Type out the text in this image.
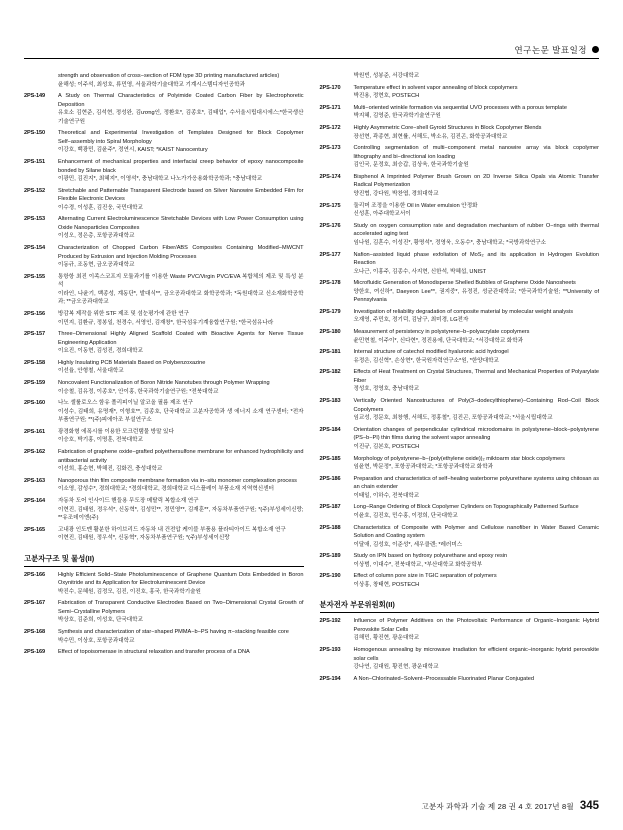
연구논문 발표일정
strength and observation of cross−section of FDM type 3D printing manufactured articles)
윤해성; 이주석, 최성호, 류민영, 서울과학기술대학교 기계시스템디자인공학과
2PS-149	A Study on Thermal Characteristics of Polyimide Coated Carbon Fiber by Electrophoretic Deposition
유호소 김현준, 김석현, 정성완, 김ương인, 정환호*, 김종호*, 김태업*, 수서울시립대시에스;*한국생산기술연구원
2PS-150	Theoretical and Experimental Investigation of Templates Designed for Block Copolymer Self−assembly into Spiral Morphology
이강호, 백광민, 김윤주*, 정연시, KAIST; *KAIST Nanocentury
2PS-151	Enhancement of mechanical properties and interfacial creep behavior of epoxy nanocomposite bonded by Silane black
이광민, 김진지*, 최혜지*, 이영석*, 충남대학교 나노가가응용화학공학과; *충남대학교
2PS-152	Stretchable and Patternable Transparent Electrode based on Silver Nanowire Embedded Film for Flexible Electronic Devices
이수경, 이성훈, 김진웅, 국민대학교
2PS-153	Alternating Current Electroluminescence Stretchable Devices with Low Power Consumption using Oxide Nanoparticles Composites
이성오, 정은총, 포항공과대학교
2PS-154	Characterization of Chopped Carbon Fiber/ABS Composites Containing Modified−MWCNT Produced by Extrusion and Injection Molding Processes
이동규, 조동현, 금오공과대학교
2PS-155	통항항 최진 이족스코프지 모듈과기를 이용한 Waste PVC/Virgin PVC/EVA 복합체의 제조 및 특성 분석
이라인, 나윤기, 백종성, 계동단*, 발대식**, 금오공과대학교 화학공학과; *독원대학교 신소재화학공학과; **금오공과대학교
2PS-156	방감복 제작을 위한 STF 제조 및 섬눈평가에 관한 연구
이민지, 김환규, 정봉일, 천경수, 서영인, 김재창*, 한국섬유기계융합연구원; *한국섬유나라
2PS-157	Three−Dimensional Highly Aligned Scaffold Coated with Bioactive Agents for Nerve Tissue Engineering Application
이요진, 이동현, 김성진, 경희대학교
2PS-158	Highly Insulating PCB Materials Based on Polybenzoxazine
이선율, 안형철, 서울대학교
2PS-159	Noncovalent Functionalization of Boron Nitride Nanotubes through Polymer Wrapping
이승철, 김유정, 이종호*, 안이홍, 한국과학기술연구원; *전북대학교
2PS-160	나노 셀룰로오스 함유 폴리피이닐 알코올 필름 제조 연구
이성수, 김태희, 유명재*, 이형호**, 김종호, 단국대학교 고분자공학과 생 에너지 소재 연구센터; *전자부품연구원; **(주)피에아조 부설연구소
2PS-161	광경화형 에폭시를 이용한 모크런탬물 방말 있다
이승호, 박기홍, 이명훈, 전북대학교
2PS-162	Fabrication of graphene oxide−grafted polyethersulfone membrane for enhanced hydrophilicity and antibacterial activity
이선희, 홍순현, 박해진, 김화건, 충성대학교
2PS-163	Nanoporous thin film composite membrane formation via in−situ monomer complexation process
이소영, 감성수*, 경희대학교; *경희대학교, 경희대학교 디스플레이 부품소재 지역혁신센터
2PS-164	자동차 도어 인사이드 핸들용 무도장 메탈릭 복합소재 연구
이현진, 김태원, 정우석*, 신동혁*, 김성민**, 정민영**, 김재훈**, 자동차부품연구원; *(주)부성세이신랑; **유조데이엔(주)
2PS-165	고내광 인도멘 활분한 하이브리드 자동차 내 건전압 케이블 부품용 플라티아이드 복합소재 연구
이현진, 김태원, 정우석*, 신동혁*, 자동차부품연구원; *(주)부성세이신랑
고분자구조 및 물성(II)
2PS-166	Highly Efficient Solid−State Photoluminescence of Graphene Quantum Dots Embedded in Boron Oxynitride and its Application for Electroluminescent Device
박진수, 문혜원, 김정모, 김진, 이진호, 홍국, 한국과학기술원
2PS-167	Fabrication of Transparent Conductive Electrodes Based on Two−Dimensional Crystal Growth of Semi−Crystalline Polymers
박상호, 김준희, 이성호, 단국대학교
2PS-168	Synthesis and characterization of star−shaped PMMA−b−PS having π−stacking feasible core
박수민, 이상호, 포항공과대학교
2PS-169	Effect of topoisomerase in structural relaxation and transfer process of a DNA
박원빈, 성봉준, 서강대학교
2PS-170	Temperature effect in solvent vapor annealing of block copolymers
박진용, 정현호, POSTECH
2PS-171	Multi−oriented wrinkle formation via sequential UVO processes with a porous template
박지혜, 김영준, 한국과학기술연구원
2PS-172	Highly Asymmetric Core−shell Gyroid Structures in Block Copolymer Blends
장선현, 곽종현, 최현률, 서해도, 박소유, 김진곤, 화학공과대학교
2PS-173	Controlling segmentation of multi−component metal nanowire array via block copolymer lithography and bi−directional ion loading
김인국, 문정호, 최승갑, 김상욱, 한국과학기술원
2PS-174	Bisphenol A Imprinted Polymer Brush Grown on 2D Inverse Silica Opals via Atomic Transfer Radical Polymerization
양진협, 강다원, 박찬엽, 경희대학교
2PS-175	둘리머 조정을 이용한 Oil in Water emulsion 안정화
신성훈, 아주대학교서이
2PS-176	Study on oxygen consumption rate and degradation mechanism of rubber O−rings with thermal accelerated aging test
임나원, 김혼수, 이성진*, 황명석*, 정영욱, 오동수*, 충남대학교; *국방과학연구소
2PS-177	Nafion−assisted liquid phase exfoliation of MoS₂ and its application in Hydrogen Evolution Reaction
오나근, 이홍주, 김종수, 사지현, 신한석, 박혜섭, UNIST
2PS-178	Microfluidic Generation of Monodisperse Shelled Bubbles of Graphene Oxide Nanosheets
양한호, 여신하*, Daeyeon Lee**, 권지중*, 유정진, 성균관대학교; *한국과학기술원; **University of Pennsylvania
2PS-179	Investigation of reliability degradation of composite material by molecular weight analysis
오재영, 주민호, 정기덕, 김남구, 최미경, LG전자
2PS-180	Measurement of persistency in polystyrene−b−polyacrylate copolymers
윤민현철, 이주이*, 신다현*, 정진용에, 단국대학교; *서강대학교 화학과
2PS-181	Internal structure of catechol modified hyaluronic acid hydrogel
유정은, 김신혁*, 손상현*, 한국원자력연구소*원, *한양대학교
2PS-182	Effects of Heat Treatment on Crystal Structures, Thermal and Mechanical Properties of Polyarylate Fiber
정성호, 정영호, 충남대학교
2PS-183	Vertically Oriented Nanostructures of Poly(3−dodecylthiophene)−Containing Rod−Coil Block Copolymers
임교성, 정문호, 최창행, 서해도, 정홍철*, 김진곤, 포항공과대학교; *서울시립대학교
2PS-184	Orientation changes of perpendicular cylindrical microdomains in polystyrene−block−polystyrene (PS−b−PI) thin films during the solvent vapor annealing
이진규, 김본호, POSTECH
2PS-185	Morphology of polystyrene−b−(poly(ethylene oxide))₂ miktoarm star block copolymers
임윤현, 박문정*, 포항공과대학교; *포항공과대학교 화학과
2PS-186	Preparation and characteristics of self−healing waterborne polyurethane systems using chitosan as an chain extender
이태일, 이하수, 전북대학교
2PS-187	Long−Range Ordering of Block Copolymer Cylinders on Topographically Patterned Surface
이윤호, 김진호, 민수홍, 이정희, 단국대학교
2PS-188	Characteristics of Composite with Polymer and Cellulose nanofiber in Water Based Ceramic Solution and Coating system
이달애, 김성호, 이준성*, 세우클렌; *레러미스
2PS-189	Study on IPN based on hydroxy polyurethane and epoxy resin
이상범, 이대수*, 전북대학교, *부산대학교 화학공학부
2PS-190	Effect of column pore size in TGIC separation of polymers
이상홍, 창태현, POSTECH
분자전자 부문위원회(II)
2PS-192	Influence of Polymer Additives on the Photovoltaic Performance of Organic−Inorganic Hybrid Perovskite Solar Cells
김해민, 황진현, 광운대학교
2PS-193	Homogenous annealing by microwave irradiation for efficient organic−inorganic hybrid perovskite solar cells
강나연, 김대원, 황진현, 광운대학교
2PS-194	A Non−Chlorinated−Solvent−Processable Fluorinated Planar Conjugated
고분자 과학과 기술 제 28 권 4 호 2017년 8월 345
